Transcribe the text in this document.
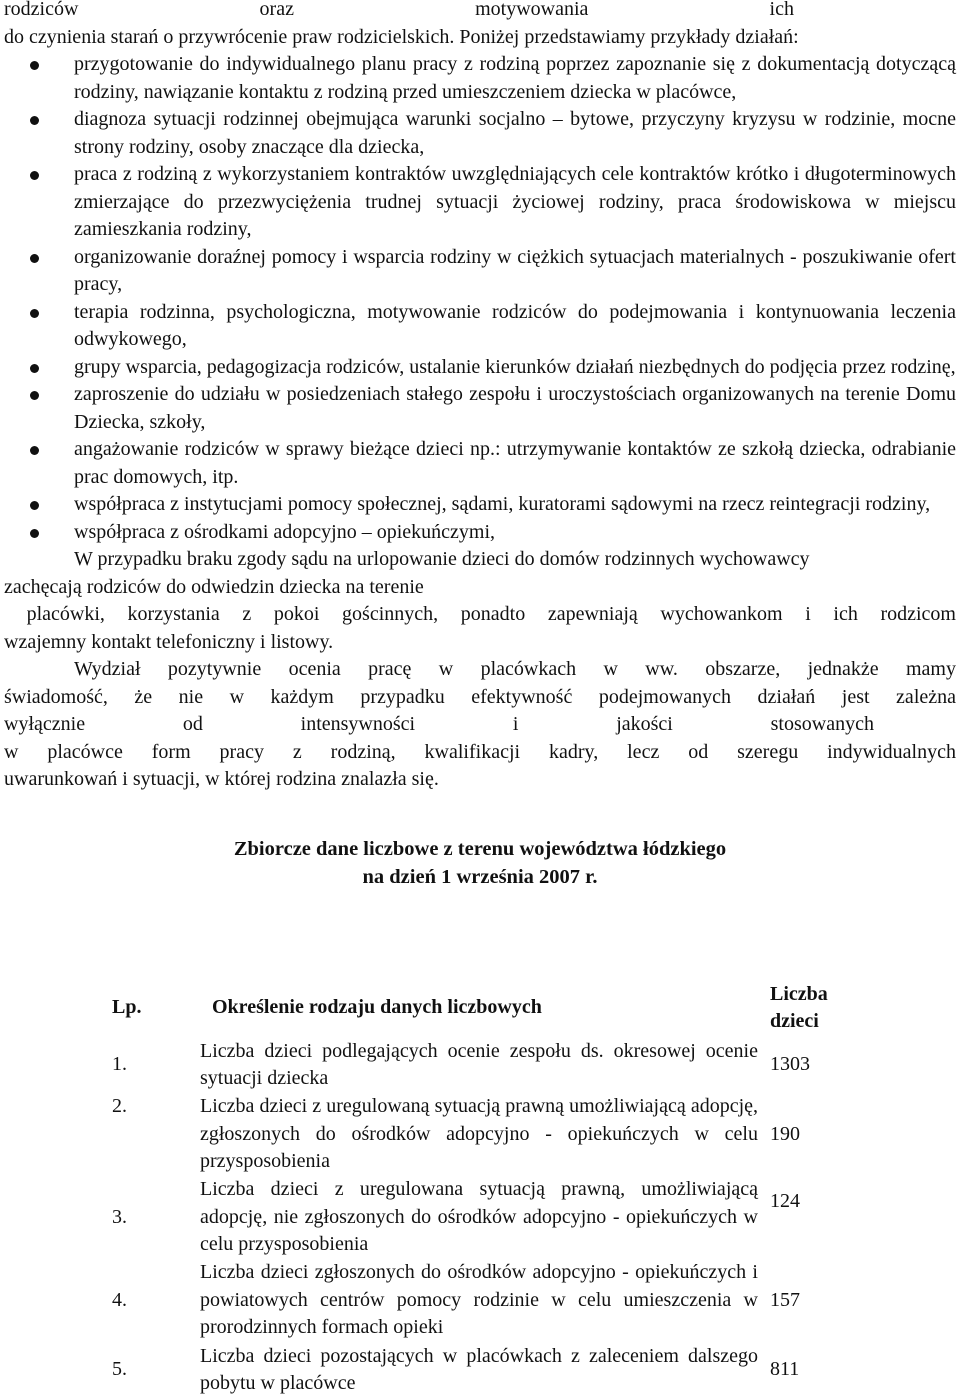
rodziców	oraz	motywowania	ich

do czynienia starań o przywrócenie praw rodzicielskich. Poniżej przedstawiamy przykłady działań:

przygotowanie do indywidualnego planu pracy z rodziną poprzez zapoznanie się z dokumentacją dotyczącą rodziny, nawiązanie kontaktu z rodziną przed umieszczeniem dziecka w placówce,
diagnoza sytuacji rodzinnej obejmująca warunki socjalno – bytowe, przyczyny kryzysu w rodzinie, mocne strony rodziny, osoby znaczące dla dziecka,
praca z rodziną z wykorzystaniem kontraktów uwzględniających cele kontraktów krótko i długoterminowych zmierzające do przezwyciężenia trudnej sytuacji życiowej rodziny, praca środowiskowa w miejscu zamieszkania rodziny,
organizowanie doraźnej pomocy i wsparcia rodziny w ciężkich sytuacjach materialnych - poszukiwanie ofert pracy,
terapia rodzinna, psychologiczna, motywowanie rodziców do podejmowania i kontynuowania leczenia odwykowego,
grupy wsparcia, pedagogizacja rodziców, ustalanie kierunków działań niezbędnych do podjęcia przez rodzinę,
zaproszenie do udziału w posiedzeniach stałego zespołu i uroczystościach organizowanych na terenie Domu Dziecka, szkoły,
angażowanie rodziców w sprawy bieżące dzieci np.: utrzymywanie kontaktów ze szkołą dziecka, odrabianie prac domowych, itp.
współpraca z instytucjami pomocy społecznej, sądami, kuratorami sądowymi na rzecz reintegracji rodziny,
współpraca z ośrodkami adopcyjno – opiekuńczymi,

W przypadku braku zgody sądu na urlopowanie dzieci do domów rodzinnych wychowawcy

zachęcają rodziców do odwiedzin dziecka na terenie

placówki, korzystania z pokoi gościnnych, ponadto zapewniają wychowankom i ich rodzicom

wzajemny kontakt telefoniczny i listowy.

Wydział pozytywnie ocenia pracę w placówkach w ww. obszarze, jednakże mamy

świadomość, że nie w każdym przypadku efektywność podejmowanych działań jest zależna

wyłącznie	od	intensywności	i	jakości	stosowanych

w placówce form pracy z rodziną, kwalifikacji kadry, lecz od szeregu indywidualnych

uwarunkowań i sytuacji, w której rodzina znalazła się.

Zbiorcze dane liczbowe z terenu województwa łódzkiego
na dzień 1 września 2007 r.
Lp.	Określenie rodzaju danych liczbowych	Liczba dzieci
1.	Liczba dzieci podlegających ocenie zespołu ds. okresowej ocenie sytuacji dziecka	1303
2.	Liczba dzieci z uregulowaną sytuacją prawną umożliwiającą adopcję, zgłoszonych do ośrodków adopcyjno - opiekuńczych w celu przysposobienia	190
3.	Liczba dzieci z uregulowana sytuacją prawną, umożliwiającą adopcję, nie zgłoszonych do ośrodków adopcyjno - opiekuńczych w celu przysposobienia	124
4.	Liczba dzieci zgłoszonych do ośrodków adopcyjno - opiekuńczych i powiatowych centrów pomocy rodzinie w celu umieszczenia w prorodzinnych formach opieki	157
5.	Liczba dzieci pozostających w placówkach z zaleceniem dalszego pobytu w placówce	811
